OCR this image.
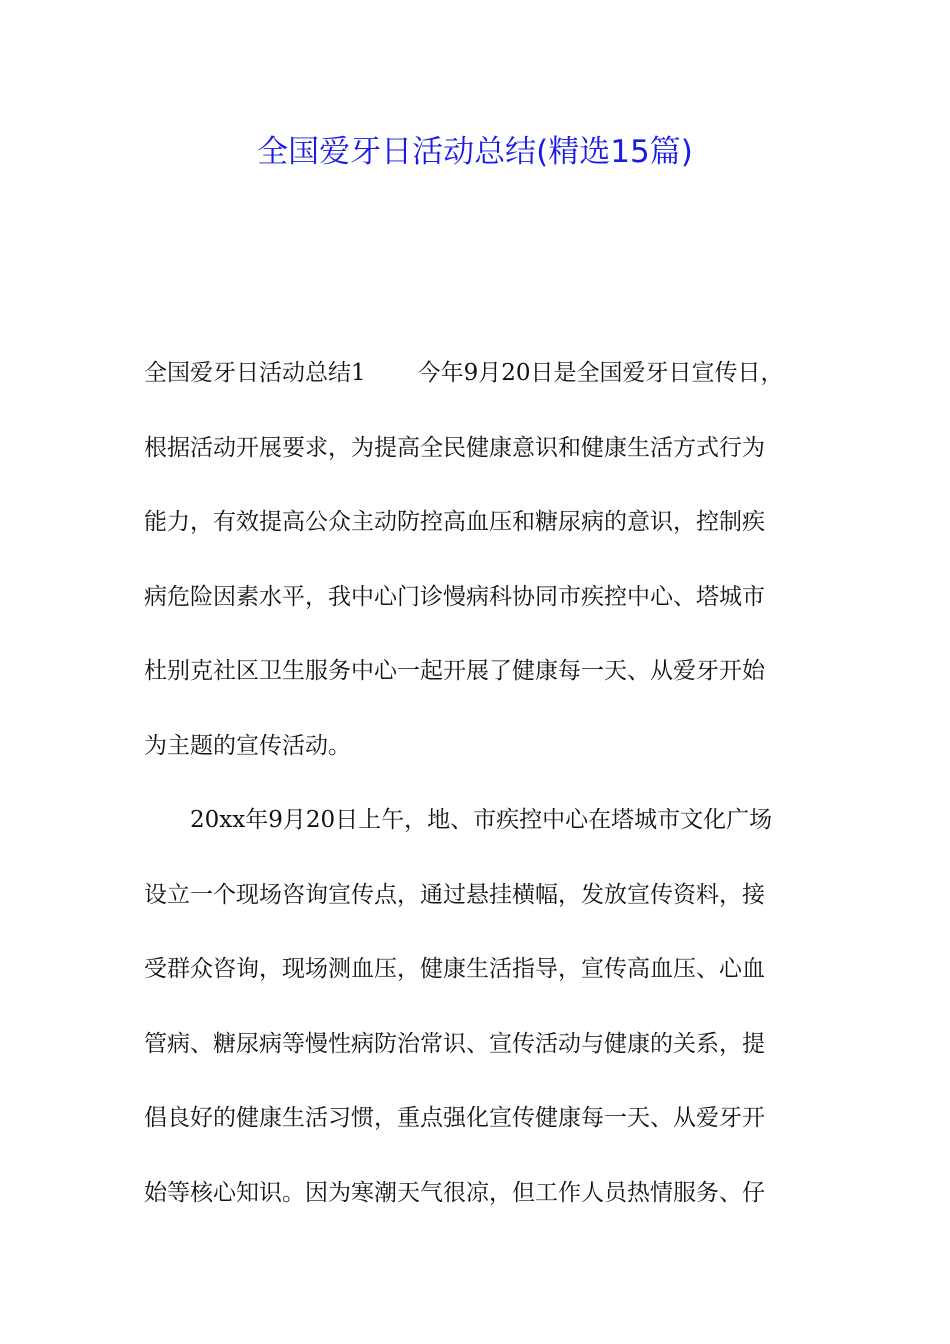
全国爱牙日活动总结(精选15篇)
全国爱牙日活动总结1 今年9月20日是全国爱牙日宣传日，
根据活动开展要求，为提高全民健康意识和健康生活方式行为
能力，有效提高公众主动防控高血压和糖尿病的意识，控制疾
病危险因素水平，我中心门诊慢病科协同市疾控中心、塔城市
杜别克社区卫生服务中心一起开展了健康每一天、从爱牙开始
为主题的宣传活动。
20xx年9月20日上午，地、市疾控中心在塔城市文化广场
设立一个现场咨询宣传点，通过悬挂横幅，发放宣传资料，接
受群众咨询，现场测血压，健康生活指导，宣传高血压、心血
管病、糖尿病等慢性病防治常识、宣传活动与健康的关系，提
倡良好的健康生活习惯，重点强化宣传健康每一天、从爱牙开
始等核心知识。因为寒潮天气很凉，但工作人员热情服务、仔
